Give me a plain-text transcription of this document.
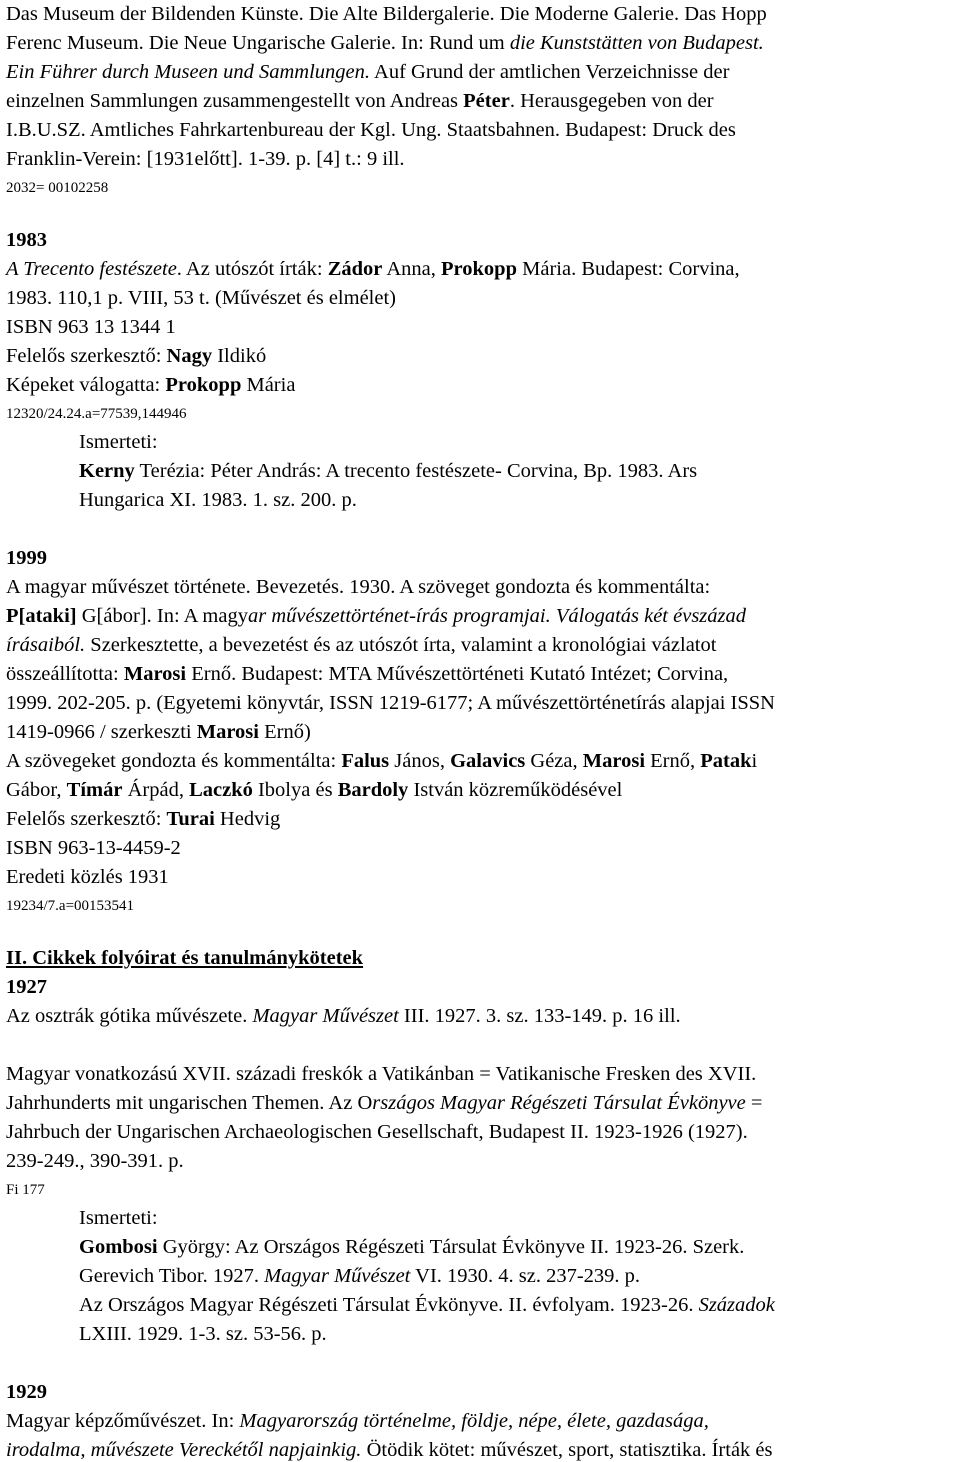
Das Museum der Bildenden Künste. Die Alte Bildergalerie. Die Moderne Galerie. Das Hopp

Ferenc Museum. Die Neue Ungarische Galerie. In: Rund um die Kunststätten von Budapest.

Ein Führer durch Museen und Sammlungen. Auf Grund der amtlichen Verzeichnisse der

einzelnen Sammlungen zusammengestellt von Andreas Péter. Herausgegeben von der

I.B.U.SZ. Amtliches Fahrkartenbureau der Kgl. Ung. Staatsbahnen. Budapest: Druck des

Franklin-Verein: [1931előtt]. 1-39. p. [4] t.: 9 ill.

2032= 00102258

1983

A Trecento festészete. Az utószót írták: Zádor Anna, Prokopp Mária. Budapest: Corvina,

1983. 110,1 p. VIII, 53 t. (Művészet és elmélet)

ISBN 963 13 1344 1

Felelős szerkesztő: Nagy Ildikó

Képeket válogatta: Prokopp Mária

12320/24.24.a=77539,144946

Ismerteti:

Kerny Terézia: Péter András: A trecento festészete- Corvina, Bp. 1983. Ars

Hungarica XI. 1983. 1. sz. 200. p.

1999

A magyar művészet története. Bevezetés. 1930. A szöveget gondozta és kommentálta:

P[ataki] G[ábor]. In: A magyar művészettörténet-írás programjai. Válogatás két évszázad

írásaiból. Szerkesztette, a bevezetést és az utószót írta, valamint a kronológiai vázlatot

összeállította: Marosi Ernő. Budapest: MTA Művészettörténeti Kutató Intézet; Corvina,

1999. 202-205. p. (Egyetemi könyvtár, ISSN 1219-6177; A művészettörténetírás alapjai ISSN

1419-0966 / szerkeszti Marosi Ernő)

A szövegeket gondozta és kommentálta: Falus János, Galavics Géza, Marosi Ernő, Pataki

Gábor, Tímár Árpád, Laczkó Ibolya és Bardoly István közreműködésével

Felelős szerkesztő: Turai Hedvig

ISBN 963-13-4459-2

Eredeti közlés 1931

19234/7.a=00153541

II. Cikkek folyóirat és tanulmánykötetek

1927

Az osztrák gótika művészete. Magyar Művészet III. 1927. 3. sz. 133-149. p. 16 ill.

Magyar vonatkozású XVII. századi freskók a Vatikánban = Vatikanische Fresken des XVII.

Jahrhunderts mit ungarischen Themen. Az Országos Magyar Régészeti Társulat Évkönyve =

Jahrbuch der Ungarischen Archaeologischen Gesellschaft, Budapest II. 1923-1926 (1927).

239-249., 390-391. p.

Fi 177

Ismerteti:

Gombosi György: Az Országos Régészeti Társulat Évkönyve II. 1923-26. Szerk.

Gerevich Tibor. 1927. Magyar Művészet VI. 1930. 4. sz. 237-239. p.

Az Országos Magyar Régészeti Társulat Évkönyve. II. évfolyam. 1923-26. Századok

LXIII. 1929. 1-3. sz. 53-56. p.

1929

Magyar képzőművészet. In: Magyarország történelme, földje, népe, élete, gazdasága,

irodalma, művészete Vereckétől napjainkig. Ötödik kötet: művészet, sport, statisztika. Írták és
